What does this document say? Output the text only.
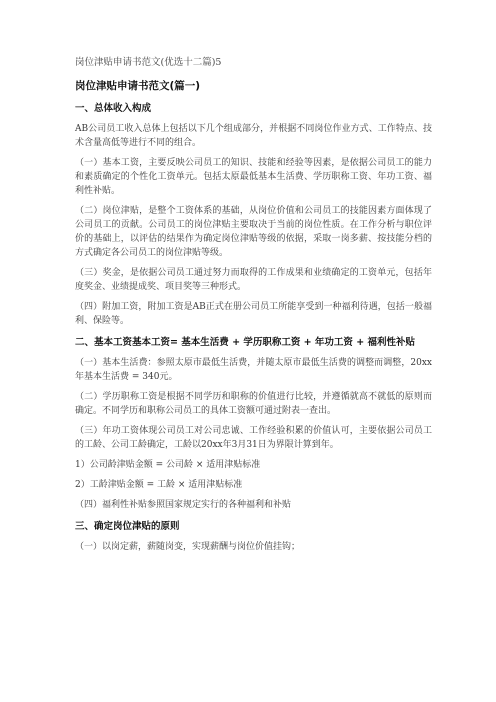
岗位津贴申请书范文(优选十二篇)5
岗位津贴申请书范文(篇一)
一、总体收入构成

AB公司员工收入总体上包括以下几个组成部分，并根据不同岗位作业方式、工作特点、技术含量高低等进行不同的组合。

（一）基本工资，主要反映公司员工的知识、技能和经验等因素，是依据公司员工的能力和素质确定的个性化工资单元。包括太原最低基本生活费、学历职称工资、年功工资、福利性补贴。

（二）岗位津贴，是整个工资体系的基础，从岗位价值和公司员工的技能因素方面体现了公司员工的贡献。公司员工的岗位津贴主要取决于当前的岗位性质。在工作分析与职位评价的基础上，以评估的结果作为确定岗位津贴等级的依据，采取一岗多薪、按技能分档的方式确定各公司员工的岗位津贴等级。

（三）奖金，是依据公司员工通过努力而取得的工作成果和业绩确定的工资单元，包括年度奖金、业绩提成奖、项目奖等三种形式。

（四）附加工资，附加工资是AB正式在册公司员工所能享受到一种福利待遇，包括一般福利、保险等。

二、基本工资基本工资= 基本生活费 + 学历职称工资 + 年功工资 + 福利性补贴

（一）基本生活费：参照太原市最低生活费，并随太原市最低生活费的调整而调整，20xx年基本生活费 = 340元。

（二）学历职称工资是根据不同学历和职称的价值进行比较，并遵循就高不就低的原则而确定。不同学历和职称公司员工的具体工资额可通过附表一查出。

（三）年功工资体现公司员工对公司忠诚、工作经验积累的价值认可，主要依据公司员工的工龄、公司工龄确定，工龄以20xx年3月31日为界限计算到年。

1）公司龄津贴金额 = 公司龄 × 适用津贴标准

2）工龄津贴金额 = 工龄 × 适用津贴标准

（四）福利性补贴参照国家规定实行的各种福利和补贴

三、确定岗位津贴的原则

（一）以岗定薪，薪随岗变，实现薪酬与岗位价值挂钩；
